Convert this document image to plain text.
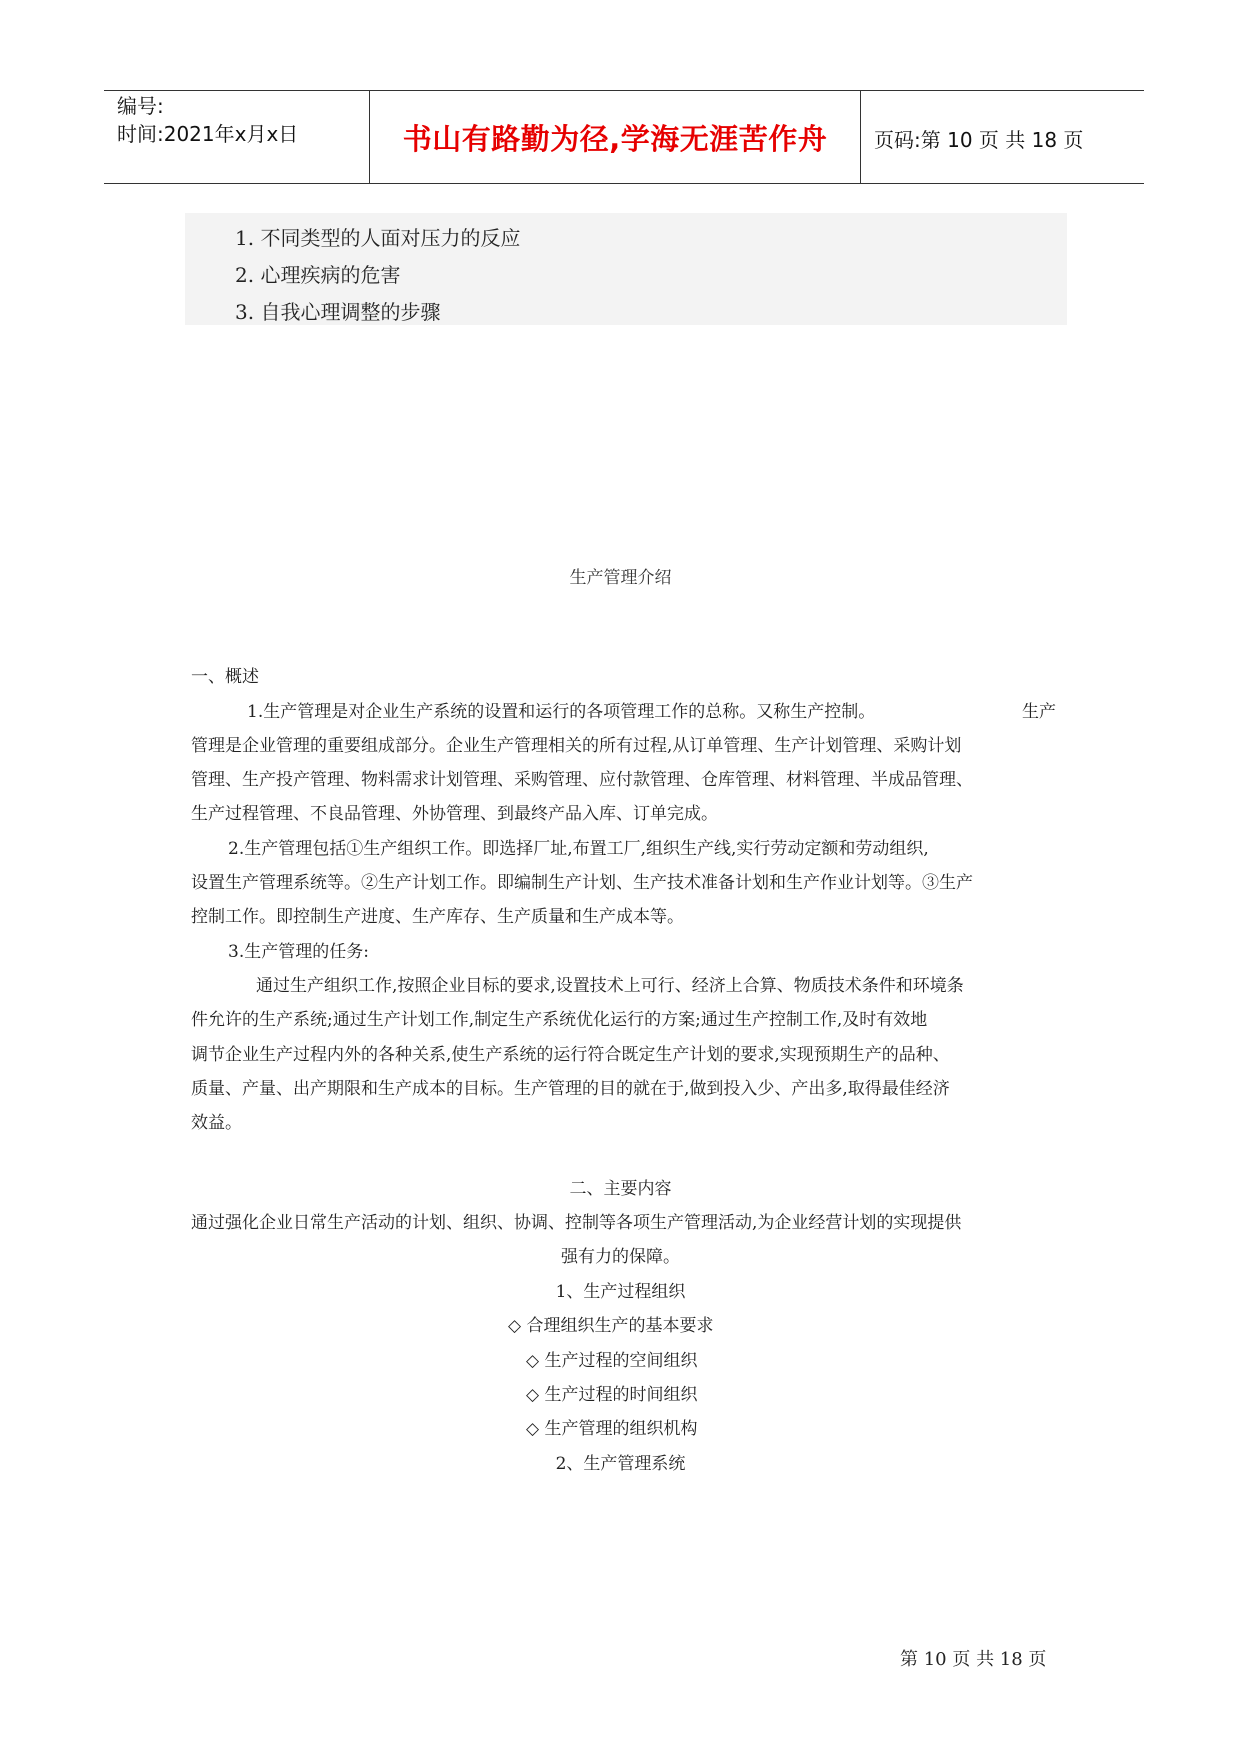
编号:
时间:2021年x月x日	书山有路勤为径,学海无涯苦作舟	页码:第 10 页 共 18 页
1. 不同类型的人面对压力的反应
2. 心理疾病的危害
3. 自我心理调整的步骤
生产管理介绍
一、概述
1.生产管理是对企业生产系统的设置和运行的各项管理工作的总称。又称生产控制。	生产
管理是企业管理的重要组成部分。企业生产管理相关的所有过程,从订单管理、生产计划管理、采购计划
管理、生产投产管理、物料需求计划管理、采购管理、应付款管理、仓库管理、材料管理、半成品管理、
生产过程管理、不良品管理、外协管理、到最终产品入库、订单完成。
2.生产管理包括①生产组织工作。即选择厂址,布置工厂,组织生产线,实行劳动定额和劳动组织,
设置生产管理系统等。②生产计划工作。即编制生产计划、生产技术准备计划和生产作业计划等。③生产
控制工作。即控制生产进度、生产库存、生产质量和生产成本等。
3.生产管理的任务:
通过生产组织工作,按照企业目标的要求,设置技术上可行、经济上合算、物质技术条件和环境条
件允许的生产系统;通过生产计划工作,制定生产系统优化运行的方案;通过生产控制工作,及时有效地
调节企业生产过程内外的各种关系,使生产系统的运行符合既定生产计划的要求,实现预期生产的品种、
质量、产量、出产期限和生产成本的目标。生产管理的目的就在于,做到投入少、产出多,取得最佳经济
效益。
二、主要内容
通过强化企业日常生产活动的计划、组织、协调、控制等各项生产管理活动,为企业经营计划的实现提供
强有力的保障。
1、生产过程组织
◇ 合理组织生产的基本要求
◇ 生产过程的空间组织
◇ 生产过程的时间组织
◇ 生产管理的组织机构
2、生产管理系统
第 10 页 共 18 页
